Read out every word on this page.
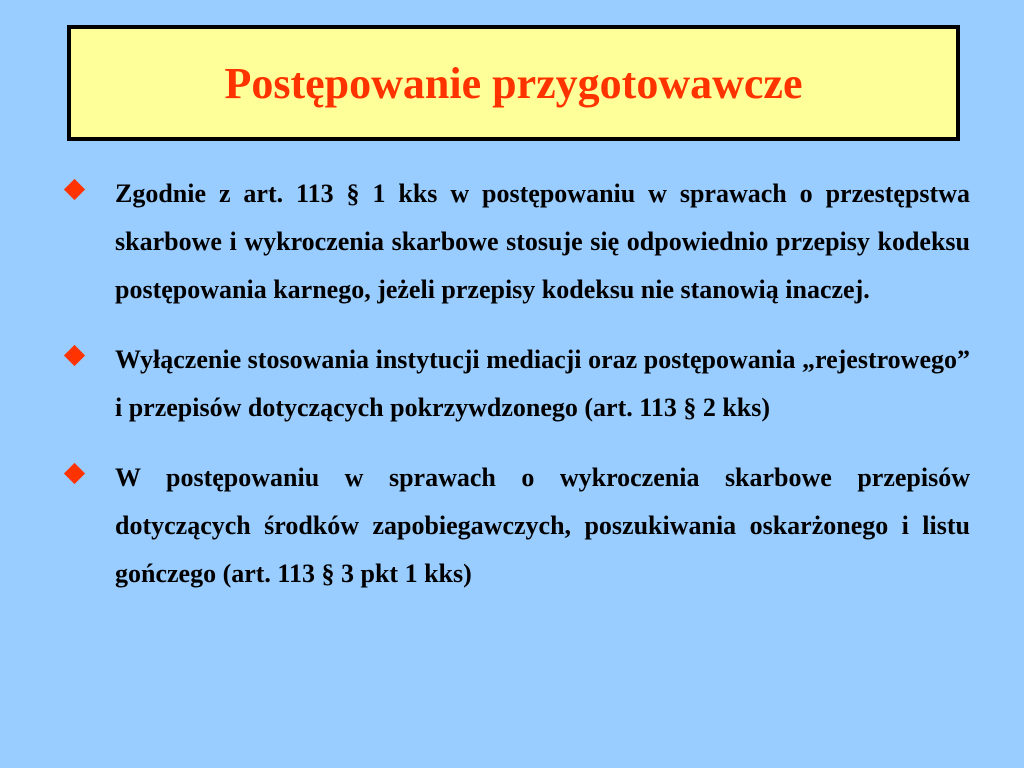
Postępowanie przygotowawcze
Zgodnie z art. 113 § 1 kks w postępowaniu w sprawach o przestępstwa skarbowe i wykroczenia skarbowe stosuje się odpowiednio przepisy kodeksu postępowania karnego, jeżeli przepisy kodeksu nie stanowią inaczej.
Wyłączenie stosowania instytucji mediacji oraz postępowania „rejestrowego” i przepisów dotyczących pokrzywdzonego (art. 113 § 2 kks)
W postępowaniu w sprawach o wykroczenia skarbowe przepisów dotyczących środków zapobiegawczych, poszukiwania oskarżonego i listu gończego (art. 113 § 3 pkt 1 kks)
